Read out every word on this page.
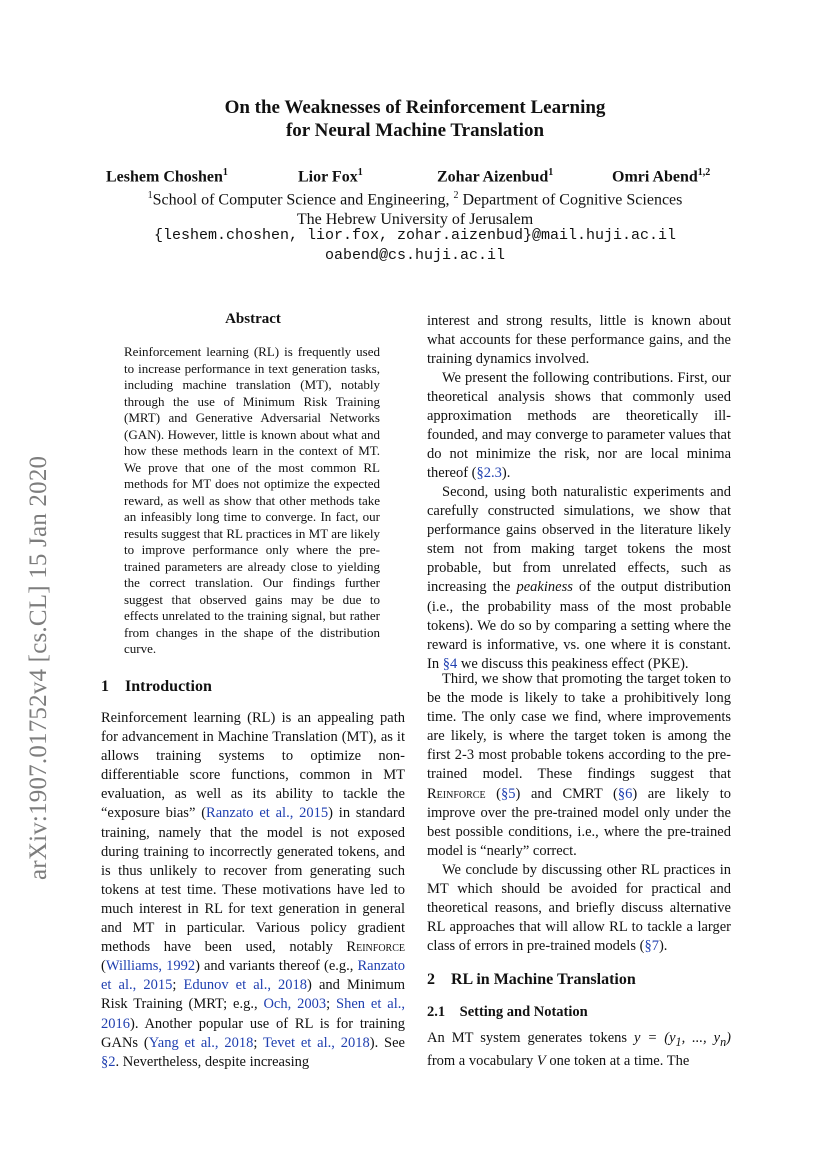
arXiv:1907.01752v4 [cs.CL] 15 Jan 2020
On the Weaknesses of Reinforcement Learning
for Neural Machine Translation
Leshem Choshen$^1$	Lior Fox$^1$	Zohar Aizenbud$^1$	Omri Abend$^{1,2}$
$^1$School of Computer Science and Engineering, $^2$ Department of Cognitive Sciences
The Hebrew University of Jerusalem
{leshem.choshen, lior.fox, zohar.aizenbud}@mail.huji.ac.il
oabend@cs.huji.ac.il
Abstract
Reinforcement learning (RL) is frequently used to increase performance in text generation tasks, including machine translation (MT), notably through the use of Minimum Risk Training (MRT) and Generative Adversarial Networks (GAN). However, little is known about what and how these methods learn in the context of MT. We prove that one of the most common RL methods for MT does not optimize the expected reward, as well as show that other methods take an infeasibly long time to converge. In fact, our results suggest that RL practices in MT are likely to improve performance only where the pre-trained parameters are already close to yielding the correct translation. Our findings further suggest that observed gains may be due to effects unrelated to the training signal, but rather from changes in the shape of the distribution curve.
1 Introduction
Reinforcement learning (RL) is an appealing path for advancement in Machine Translation (MT), as it allows training systems to optimize non-differentiable score functions, common in MT evaluation, as well as its ability to tackle the “exposure bias” (Ranzato et al., 2015) in standard training, namely that the model is not exposed during training to incorrectly generated tokens, and is thus unlikely to recover from generating such tokens at test time. These motivations have led to much interest in RL for text generation in general and MT in particular. Various policy gradient methods have been used, notably Reinforce (Williams, 1992) and variants thereof (e.g., Ranzato et al., 2015; Edunov et al., 2018) and Minimum Risk Training (MRT; e.g., Och, 2003; Shen et al., 2016). Another popular use of RL is for training GANs (Yang et al., 2018; Tevet et al., 2018). See §2. Nevertheless, despite increasing
interest and strong results, little is known about what accounts for these performance gains, and the training dynamics involved.
We present the following contributions. First, our theoretical analysis shows that commonly used approximation methods are theoretically ill-founded, and may converge to parameter values that do not minimize the risk, nor are local minima thereof (§2.3).
Second, using both naturalistic experiments and carefully constructed simulations, we show that performance gains observed in the literature likely stem not from making target tokens the most probable, but from unrelated effects, such as increasing the peakiness of the output distribution (i.e., the probability mass of the most probable tokens). We do so by comparing a setting where the reward is informative, vs. one where it is constant. In §4 we discuss this peakiness effect (PKE).
Third, we show that promoting the target token to be the mode is likely to take a prohibitively long time. The only case we find, where improvements are likely, is where the target token is among the first 2-3 most probable tokens according to the pre-trained model. These findings suggest that Reinforce (§5) and CMRT (§6) are likely to improve over the pre-trained model only under the best possible conditions, i.e., where the pre-trained model is “nearly” correct.
We conclude by discussing other RL practices in MT which should be avoided for practical and theoretical reasons, and briefly discuss alternative RL approaches that will allow RL to tackle a larger class of errors in pre-trained models (§7).
2 RL in Machine Translation
2.1 Setting and Notation
An MT system generates tokens $y = (y_1$, ..., $y_n$) from a vocabulary V one token at a time. The
